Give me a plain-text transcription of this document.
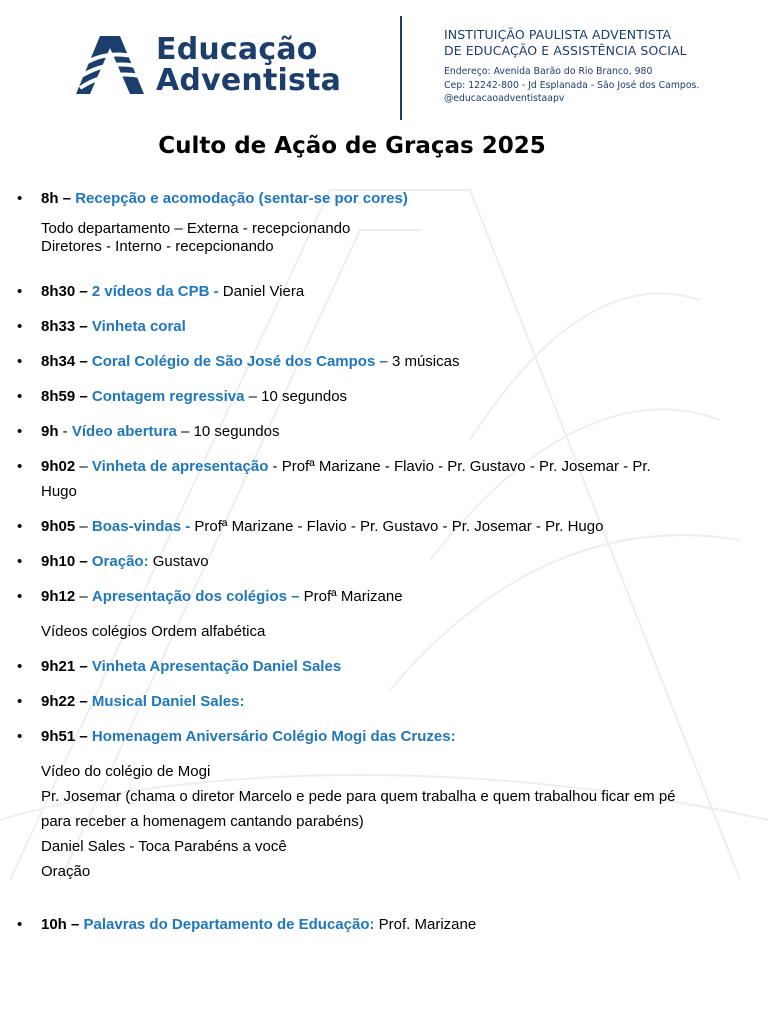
Educação
Adventista
INSTITUIÇÃO PAULISTA ADVENTISTA
DE EDUCAÇÃO E ASSISTÊNCIA SOCIAL
Endereço: Avenida Barão do Rio Branco, 980
Cep: 12242-800 - Jd Esplanada - São José dos Campos.
@educacaoadventistaapv
Culto de Ação de Graças 2025
• 8h – Recepção e acomodação (sentar-se por cores)
Todo departamento – Externa - recepcionando
Diretores - Interno - recepcionando
• 8h30 – 2 vídeos da CPB - Daniel Viera
• 8h33 – Vinheta coral
• 8h34 – Coral Colégio de São José dos Campos – 3 músicas
• 8h59 – Contagem regressiva – 10 segundos
• 9h - Vídeo abertura – 10 segundos
• 9h02 – Vinheta de apresentação - Profª Marizane - Flavio - Pr. Gustavo - Pr. Josemar - Pr. Hugo
• 9h05 – Boas-vindas - Profª Marizane - Flavio - Pr. Gustavo - Pr. Josemar - Pr. Hugo
• 9h10 – Oração: Gustavo
• 9h12 – Apresentação dos colégios – Profª Marizane
Vídeos colégios Ordem alfabética
• 9h21 – Vinheta Apresentação Daniel Sales
• 9h22 – Musical Daniel Sales:
• 9h51 – Homenagem Aniversário Colégio Mogi das Cruzes:
Vídeo do colégio de Mogi
Pr. Josemar (chama o diretor Marcelo e pede para quem trabalha e quem trabalhou ficar em pé para receber a homenagem cantando parabéns)
Daniel Sales - Toca Parabéns a você
Oração
• 10h – Palavras do Departamento de Educação: Prof. Marizane
